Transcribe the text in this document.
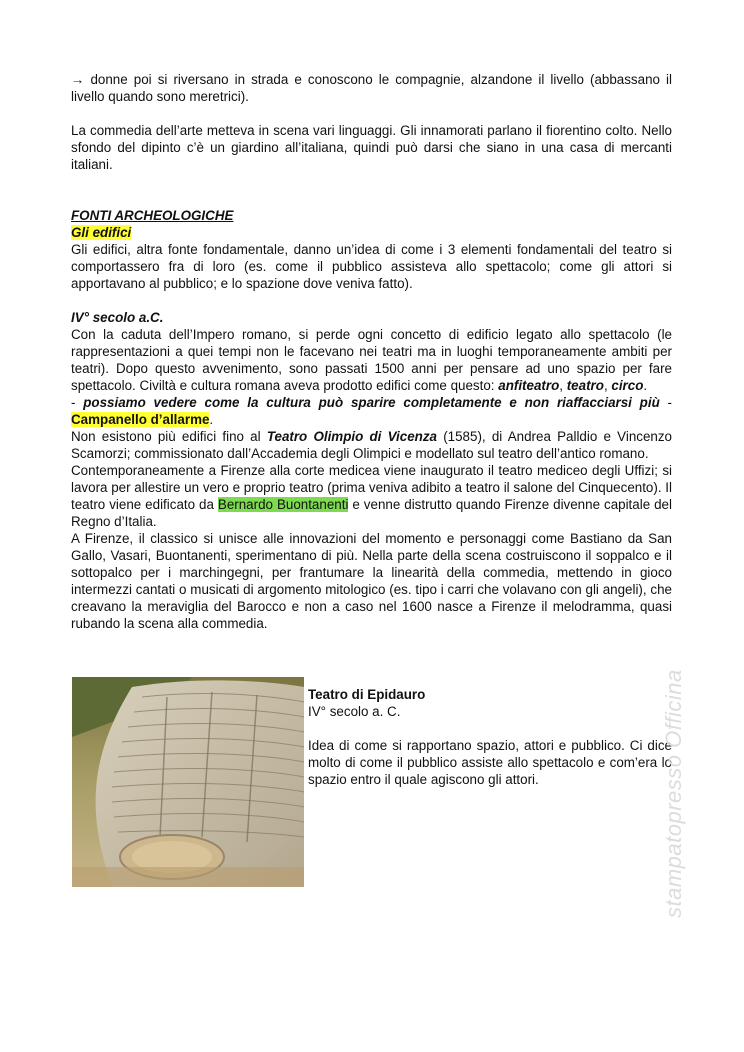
→ donne poi si riversano in strada e conoscono le compagnie, alzandone il livello (abbassano il livello quando sono meretrici).

La commedia dell’arte metteva in scena vari linguaggi. Gli innamorati parlano il fiorentino colto. Nello sfondo del dipinto c’è un giardino all’italiana, quindi può darsi che siano in una casa di mercanti italiani.

FONTI ARCHEOLOGICHE
Gli edifici

Gli edifici, altra fonte fondamentale, danno un’idea di come i 3 elementi fondamentali del teatro si comportassero fra di loro (es. come il pubblico assisteva allo spettacolo; come gli attori si apportavano al pubblico; e lo spazione dove veniva fatto).

IV° secolo a.C.

Con la caduta dell’Impero romano, si perde ogni concetto di edificio legato allo spettacolo (le rappresentazioni a quei tempi non le facevano nei teatri ma in luoghi temporaneamente ambiti per teatri). Dopo questo avvenimento, sono passati 1500 anni per pensare ad uno spazio per fare spettacolo. Civiltà e cultura romana aveva prodotto edifici come questo: anfiteatro, teatro, circo.

- possiamo vedere come la cultura può sparire completamente e non riaffacciarsi più - Campanello d’allarme.

Non esistono più edifici fino al Teatro Olimpio di Vicenza (1585), di Andrea Palldio e Vincenzo Scamorzi; commissionato dall’Accademia degli Olimpici e modellato sul teatro dell’antico romano.

Contemporaneamente a Firenze alla corte medicea viene inaugurato il teatro mediceo degli Uffizi; si lavora per allestire un vero e proprio teatro (prima veniva adibito a teatro il salone del Cinquecento). Il teatro viene edificato da Bernardo Buontanenti e venne distrutto quando Firenze divenne capitale del Regno d’Italia.

A Firenze, il classico si unisce alle innovazioni del momento e personaggi come Bastiano da San Gallo, Vasari, Buontanenti, sperimentano di più. Nella parte della scena costruiscono il soppalco e il sottopalco per i marchingegni, per frantumare la linearità della commedia, mettendo in gioco intermezzi cantati o musicati di argomento mitologico (es. tipo i carri che volavano con gli angeli), che creavano la meraviglia del Barocco e non a caso nel 1600 nasce a Firenze il melodramma, quasi rubando la scena alla commedia.

Teatro di Epidauro
IV° secolo a. C.

Idea di come si rapportano spazio, attori e pubblico. Ci dice molto di come il pubblico assiste allo spettacolo e com’era lo spazio entro il quale agiscono gli attori.	stampatopresso Officina
